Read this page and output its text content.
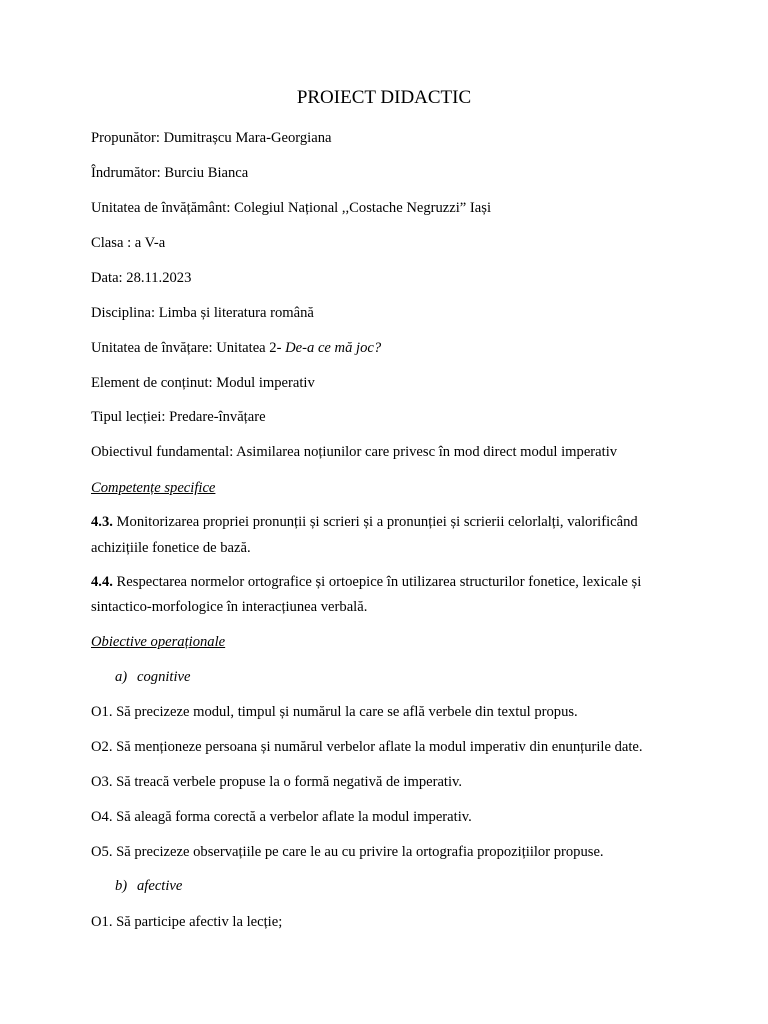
PROIECT DIDACTIC
Propunător: Dumitrașcu Mara-Georgiana
Îndrumător: Burciu Bianca
Unitatea de învățământ: Colegiul Național ,,Costache Negruzzi” Iași
Clasa : a V-a
Data: 28.11.2023
Disciplina: Limba și literatura română
Unitatea de învățare: Unitatea 2- De-a ce mă joc?
Element de conținut: Modul imperativ
Tipul lecției: Predare-învățare
Obiectivul fundamental: Asimilarea noțiunilor care privesc în mod direct modul imperativ
Competențe specifice
4.3. Monitorizarea propriei pronunții și scrieri și a pronunției și scrierii celorlalți, valorificând
achizițiile fonetice de bază.
4.4. Respectarea normelor ortografice și ortoepice în utilizarea structurilor fonetice, lexicale și
sintactico-morfologice în interacțiunea verbală.
Obiective operaționale
a) cognitive
O1. Să precizeze modul, timpul și numărul la care se află verbele din textul propus.
O2. Să menționeze persoana și numărul verbelor aflate la modul imperativ din enunțurile date.
O3. Să treacă verbele propuse la o formă negativă de imperativ.
O4. Să aleagă forma corectă a verbelor aflate la modul imperativ.
O5. Să precizeze observațiile pe care le au cu privire la ortografia propozițiilor propuse.
b) afective
O1. Să participe afectiv la lecție;
